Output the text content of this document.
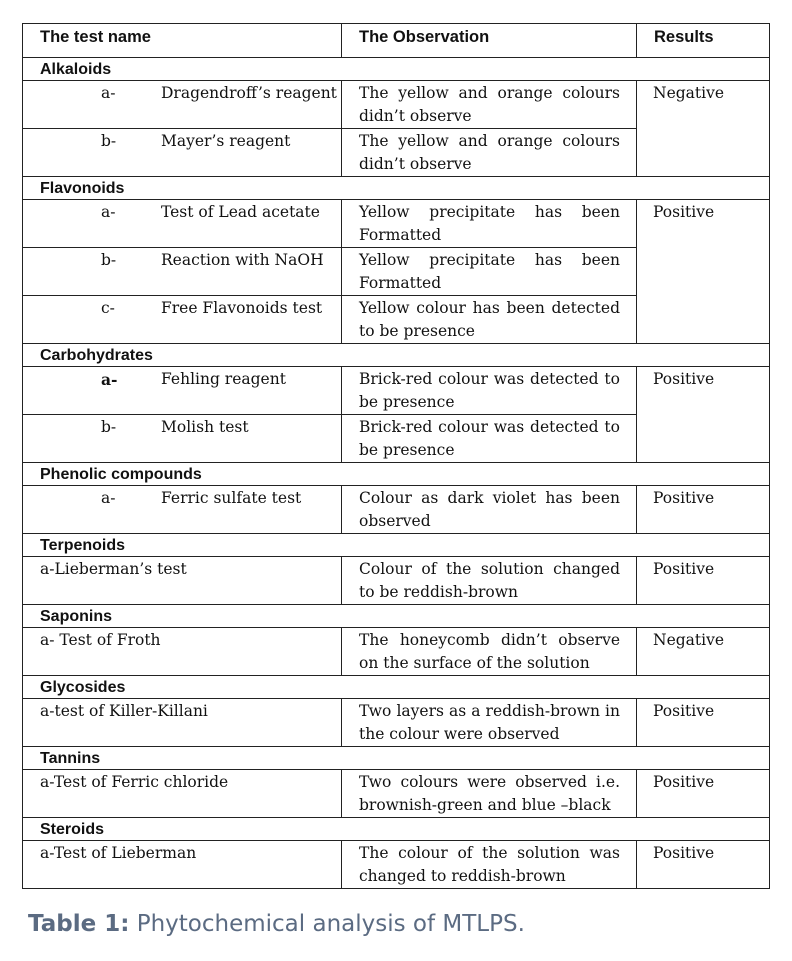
The test name	The Observation	Results
Alkaloids		

a- Dragendroff’s reagent	The yellow and orange colours didn’t observe	Negative

b- Mayer’s reagent	The yellow and orange colours didn’t observe	

Flavonoids		

a- Test of Lead acetate	Yellow precipitate has been Formatted	Positive

b- Reaction with NaOH	Yellow precipitate has been Formatted	

c- Free Flavonoids test	Yellow colour has been detected to be presence	

Carbohydrates		

a- Fehling reagent	Brick-red colour was detected to be presence	Positive

b- Molish test	Brick-red colour was detected to be presence	

Phenolic compounds		

a- Ferric sulfate test	Colour as dark violet has been observed	Positive

Terpenoids		

a-Lieberman’s test	Colour of the solution changed to be reddish-brown	Positive

Saponins		

a- Test of Froth	The honeycomb didn’t observe on the surface of the solution	Negative

Glycosides		

a-test of Killer-Killani	Two layers as a reddish-brown in the colour were observed	Positive

Tannins		

a-Test of Ferric chloride	Two colours were observed i.e. brownish-green and blue –black	Positive

Steroids		

a-Test of Lieberman	The colour of the solution was changed to reddish-brown	Positive
Table 1: Phytochemical analysis of MTLPS.
